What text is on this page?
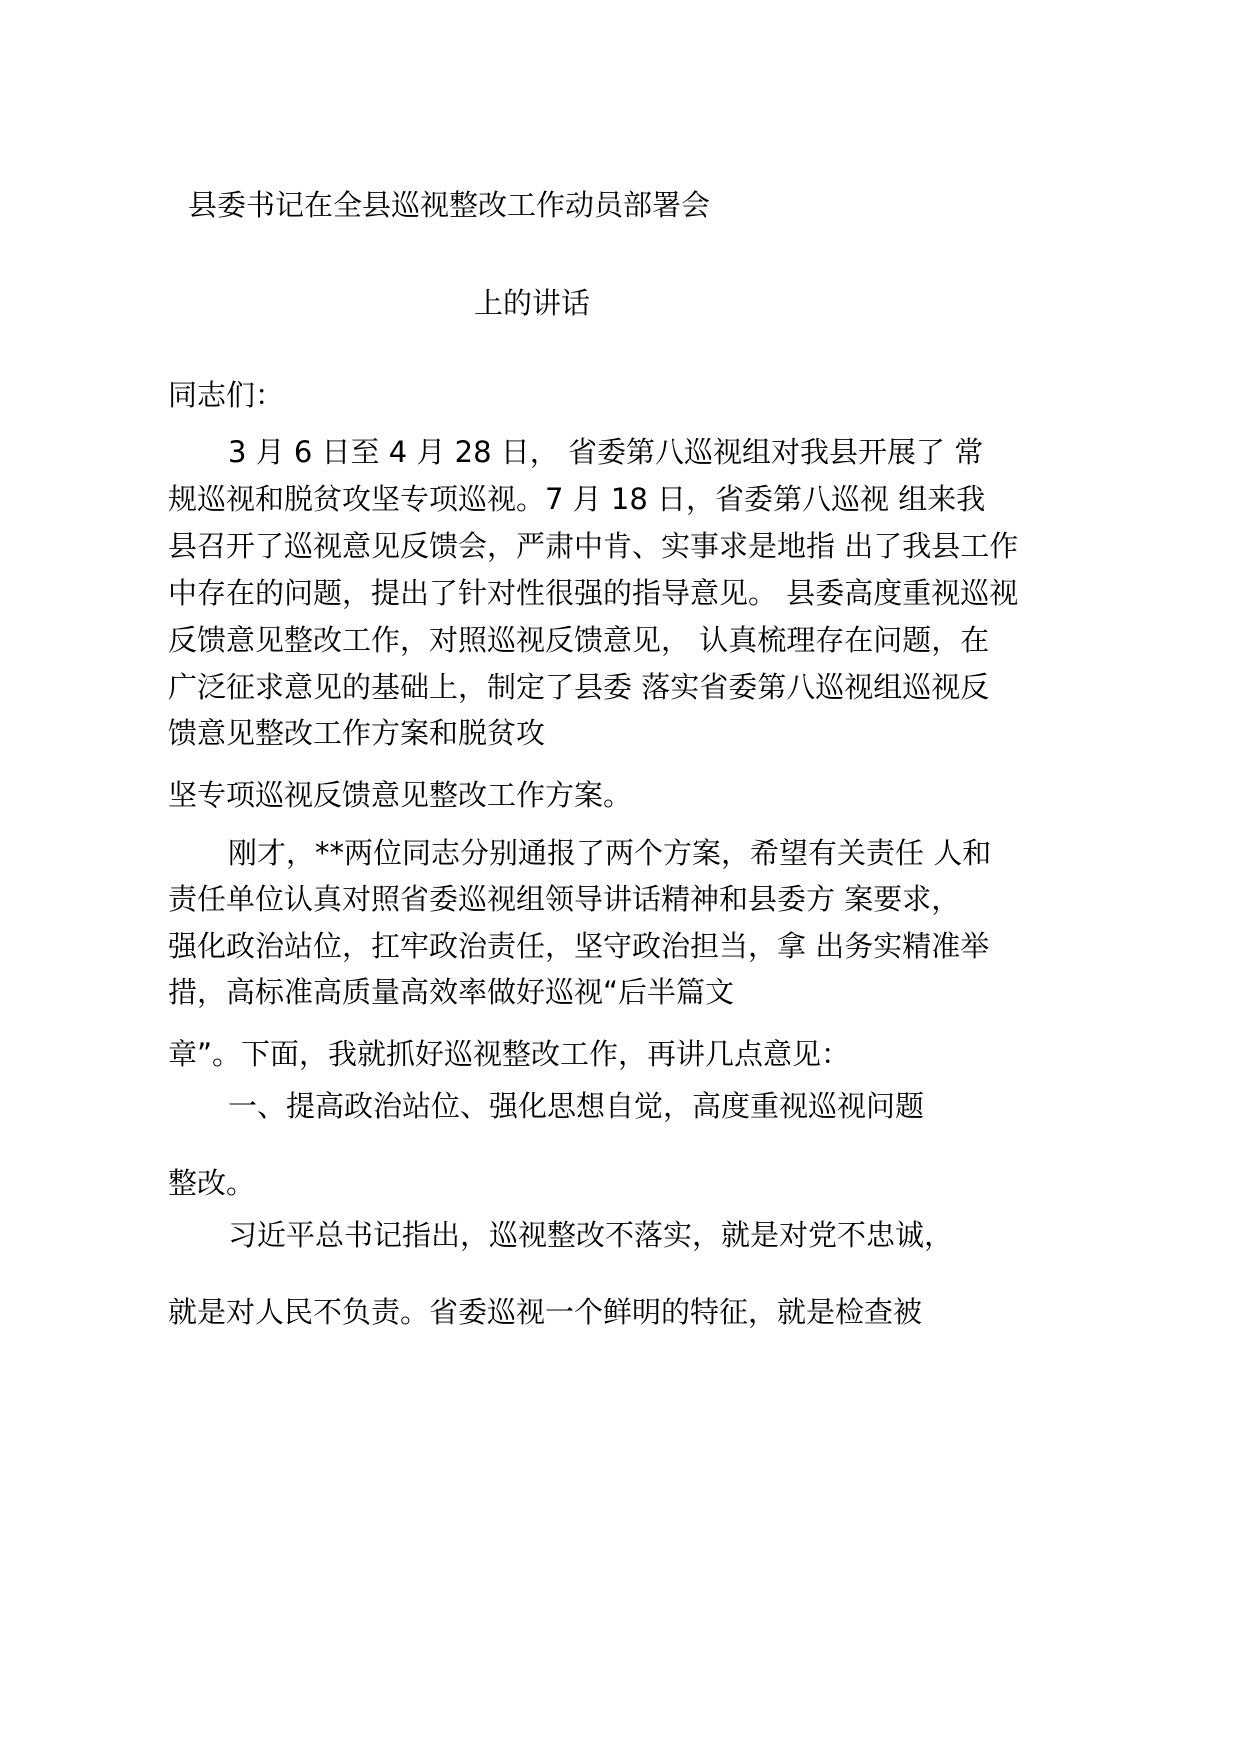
县委书记在全县巡视整改工作动员部署会
上的讲话
同志们：
3 月 6 日至 4 月 28 日， 省委第八巡视组对我县开展了 常
规巡视和脱贫攻坚专项巡视。7 月 18 日，省委第八巡视 组来我
县召开了巡视意见反馈会，严肃中肯、实事求是地指 出了我县工作
中存在的问题，提出了针对性很强的指导意见。 县委高度重视巡视
反馈意见整改工作，对照巡视反馈意见， 认真梳理存在问题，在
广泛征求意见的基础上，制定了县委 落实省委第八巡视组巡视反
馈意见整改工作方案和脱贫攻
坚专项巡视反馈意见整改工作方案。
刚才，**两位同志分别通报了两个方案，希望有关责任 人和
责任单位认真对照省委巡视组领导讲话精神和县委方 案要求，
强化政治站位，扛牢政治责任，坚守政治担当，拿 出务实精准举
措，高标准高质量高效率做好巡视“后半篇文
章”。下面，我就抓好巡视整改工作，再讲几点意见：
一、提高政治站位、强化思想自觉，高度重视巡视问题
整改。
习近平总书记指出，巡视整改不落实，就是对党不忠诚，
就是对人民不负责。省委巡视一个鲜明的特征，就是检查被
